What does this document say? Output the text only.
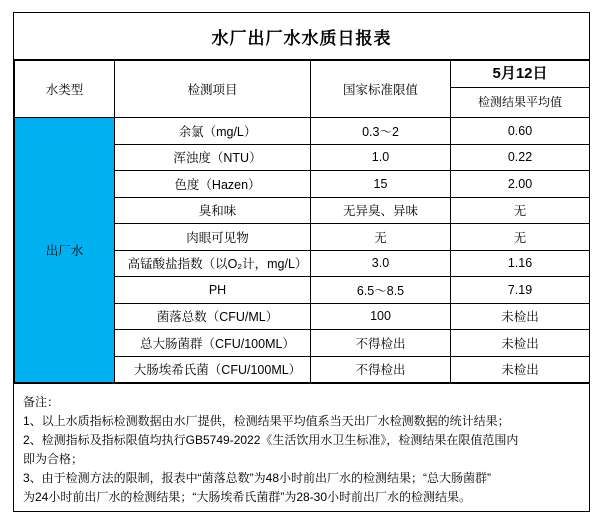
水厂出厂水水质日报表
水类型	检测项目	国家标准限值	5月12日
检测结果平均值

出厂水	余氯（mg/L）	0.3～2	0.60
	浑浊度（NTU）	1.0	0.22
	色度（Hazen）	15	2.00
	臭和味	无异臭、异味	无
	肉眼可见物	无	无
	高锰酸盐指数（以O₂计，mg/L）	3.0	1.16
	PH	6.5～8.5	7.19
	菌落总数（CFU/ML）	100	未检出
	总大肠菌群（CFU/100ML）	不得检出	未检出
	大肠埃希氏菌（CFU/100ML）	不得检出	未检出
备注：
1、以上水质指标检测数据由水厂提供，检测结果平均值系当天出厂水检测数据的统计结果；
2、检测指标及指标限值均执行GB5749-2022《生活饮用水卫生标准》，检测结果在限值范围内
即为合格；
3、由于检测方法的限制，报表中“菌落总数”为48小时前出厂水的检测结果；“总大肠菌群”
为24小时前出厂水的检测结果；“大肠埃希氏菌群”为28-30小时前出厂水的检测结果。
